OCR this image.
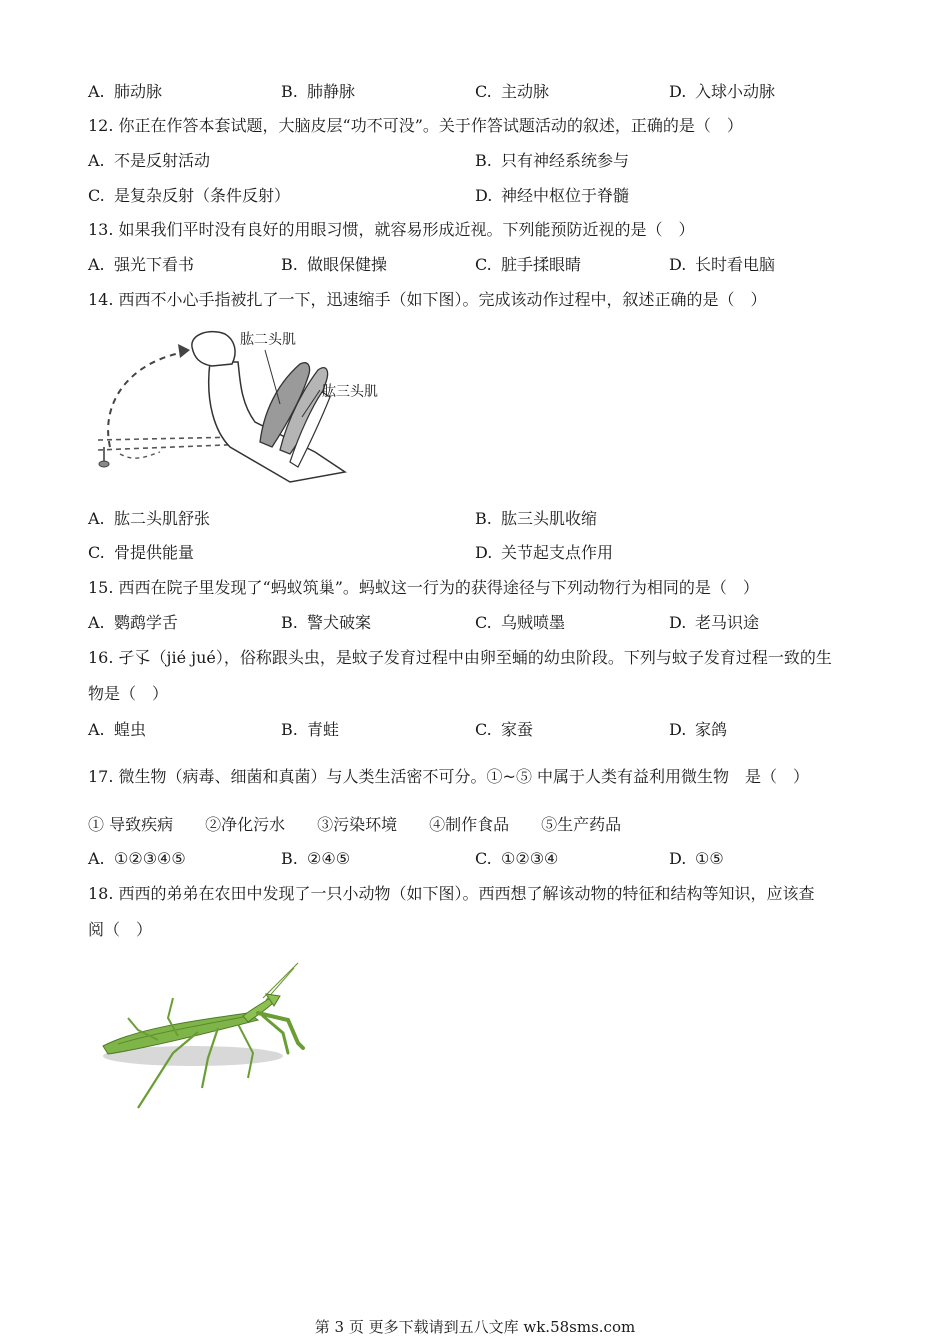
A. 肺动脉	B. 肺静脉	C. 主动脉	D. 入球小动脉
12. 你正在作答本套试题，大脑皮层“功不可没”。关于作答试题活动的叙述，正确的是（　）
A. 不是反射活动	B. 只有神经系统参与
C. 是复杂反射（条件反射）	D. 神经中枢位于脊髓
13. 如果我们平时没有良好的用眼习惯，就容易形成近视。下列能预防近视的是（　）
A. 强光下看书	B. 做眼保健操	C. 脏手揉眼睛	D. 长时看电脑
14. 西西不小心手指被扎了一下，迅速缩手（如下图）。完成该动作过程中，叙述正确的是（　）
肱二头肌
肱三头肌
A. 肱二头肌舒张	B. 肱三头肌收缩
C. 骨提供能量	D. 关节起支点作用
15. 西西在院子里发现了“蚂蚁筑巢”。蚂蚁这一行为的获得途径与下列动物行为相同的是（　）
A. 鹦鹉学舌	B. 警犬破案	C. 乌贼喷墨	D. 老马识途
16. 孑孓（jié jué），俗称跟头虫，是蚊子发育过程中由卵至蛹的幼虫阶段。下列与蚊子发育过程一致的生
物是（　）
A. 蝗虫	B. 青蛙	C. 家蚕	D. 家鸽
17. 微生物（病毒、细菌和真菌）与人类生活密不可分。①~⑤ 中属于人类有益利用微生物　是（　）
① 导致疾病　　②净化污水　　③污染环境　　④制作食品　　⑤生产药品
A. ①②③④⑤	B. ②④⑤	C. ①②③④	D. ①⑤
18. 西西的弟弟在农田中发现了一只小动物（如下图）。西西想了解该动物的特征和结构等知识，应该查
阅（　）
第 3 页 更多下载请到五八文库 wk.58sms.com
